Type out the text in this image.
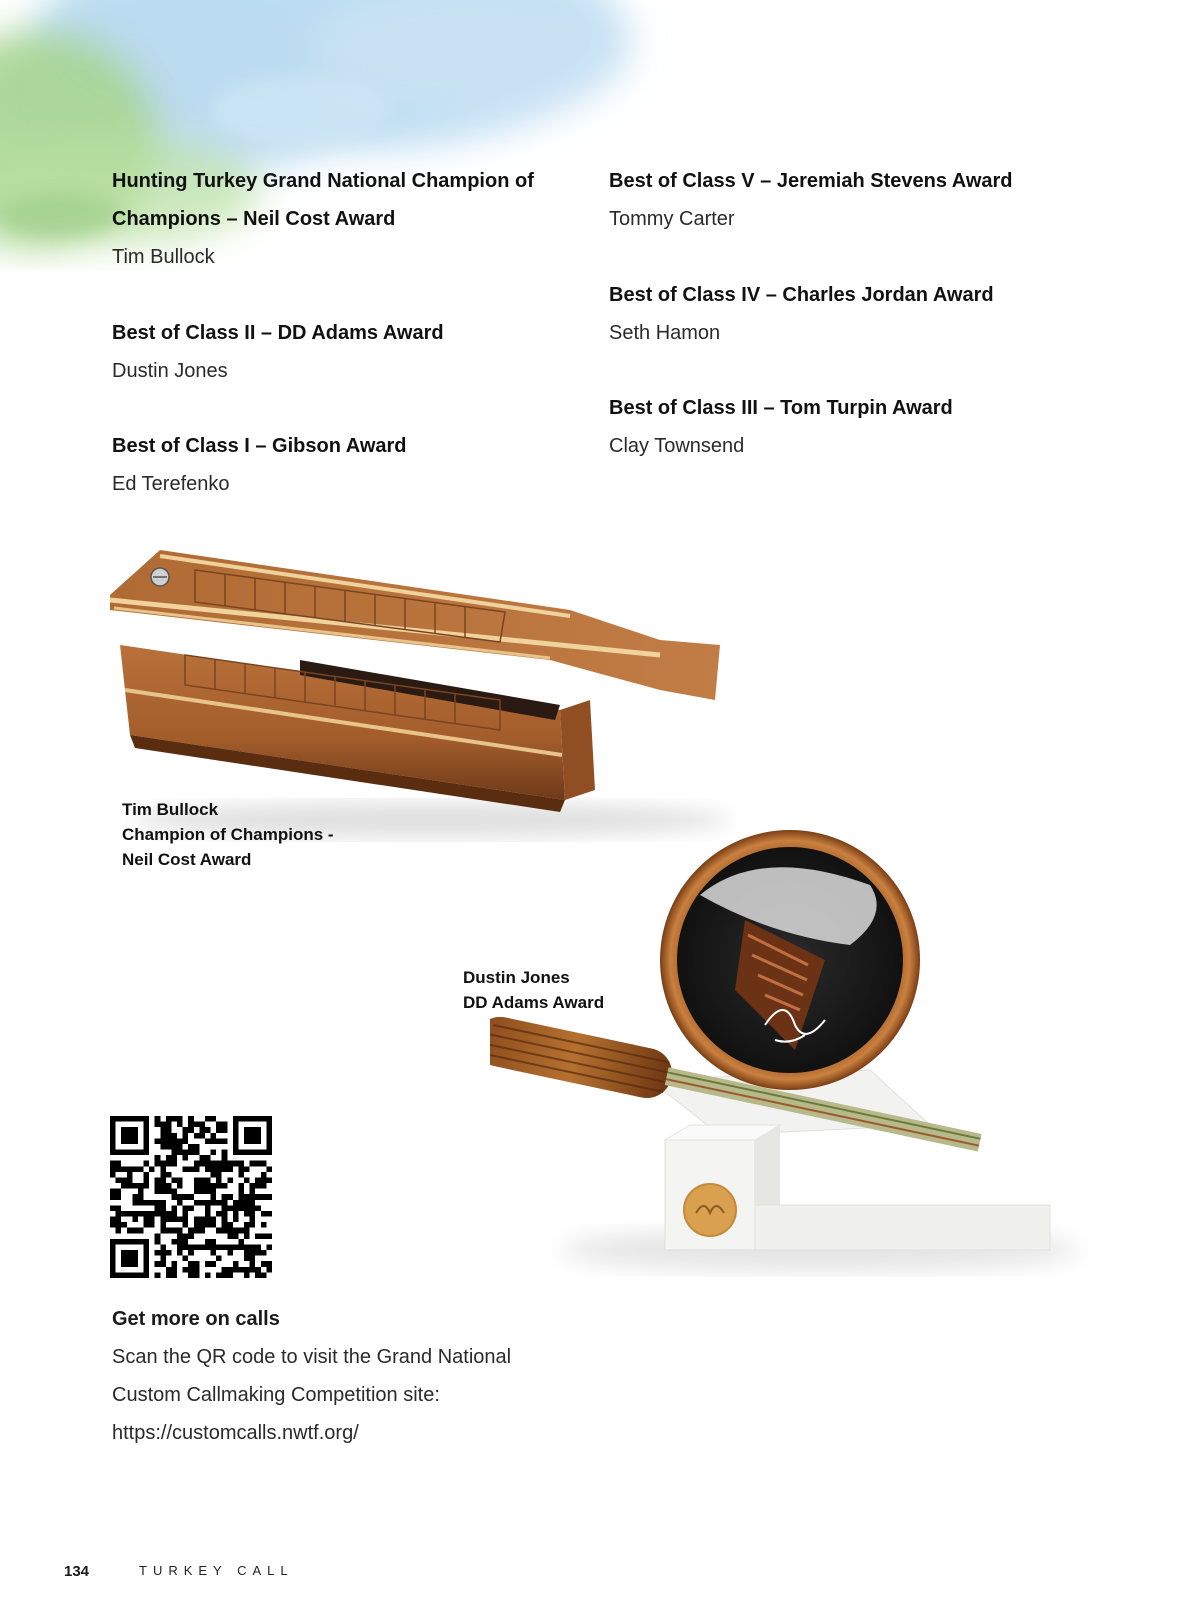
Hunting Turkey Grand National Champion of
Champions – Neil Cost Award
Tim Bullock
Best of Class II – DD Adams Award
Dustin Jones
Best of Class I – Gibson Award
Ed Terefenko
Best of Class V – Jeremiah Stevens Award
Tommy Carter
Best of Class IV – Charles Jordan Award
Seth Hamon
Best of Class III – Tom Turpin Award
Clay Townsend
Tim Bullock
Champion of Champions -
Neil Cost Award
Dustin Jones
DD Adams Award
Get more on calls
Scan the QR code to visit the Grand National
Custom Callmaking Competition site:
https://customcalls.nwtf.org/
134	TURKEY CALL
